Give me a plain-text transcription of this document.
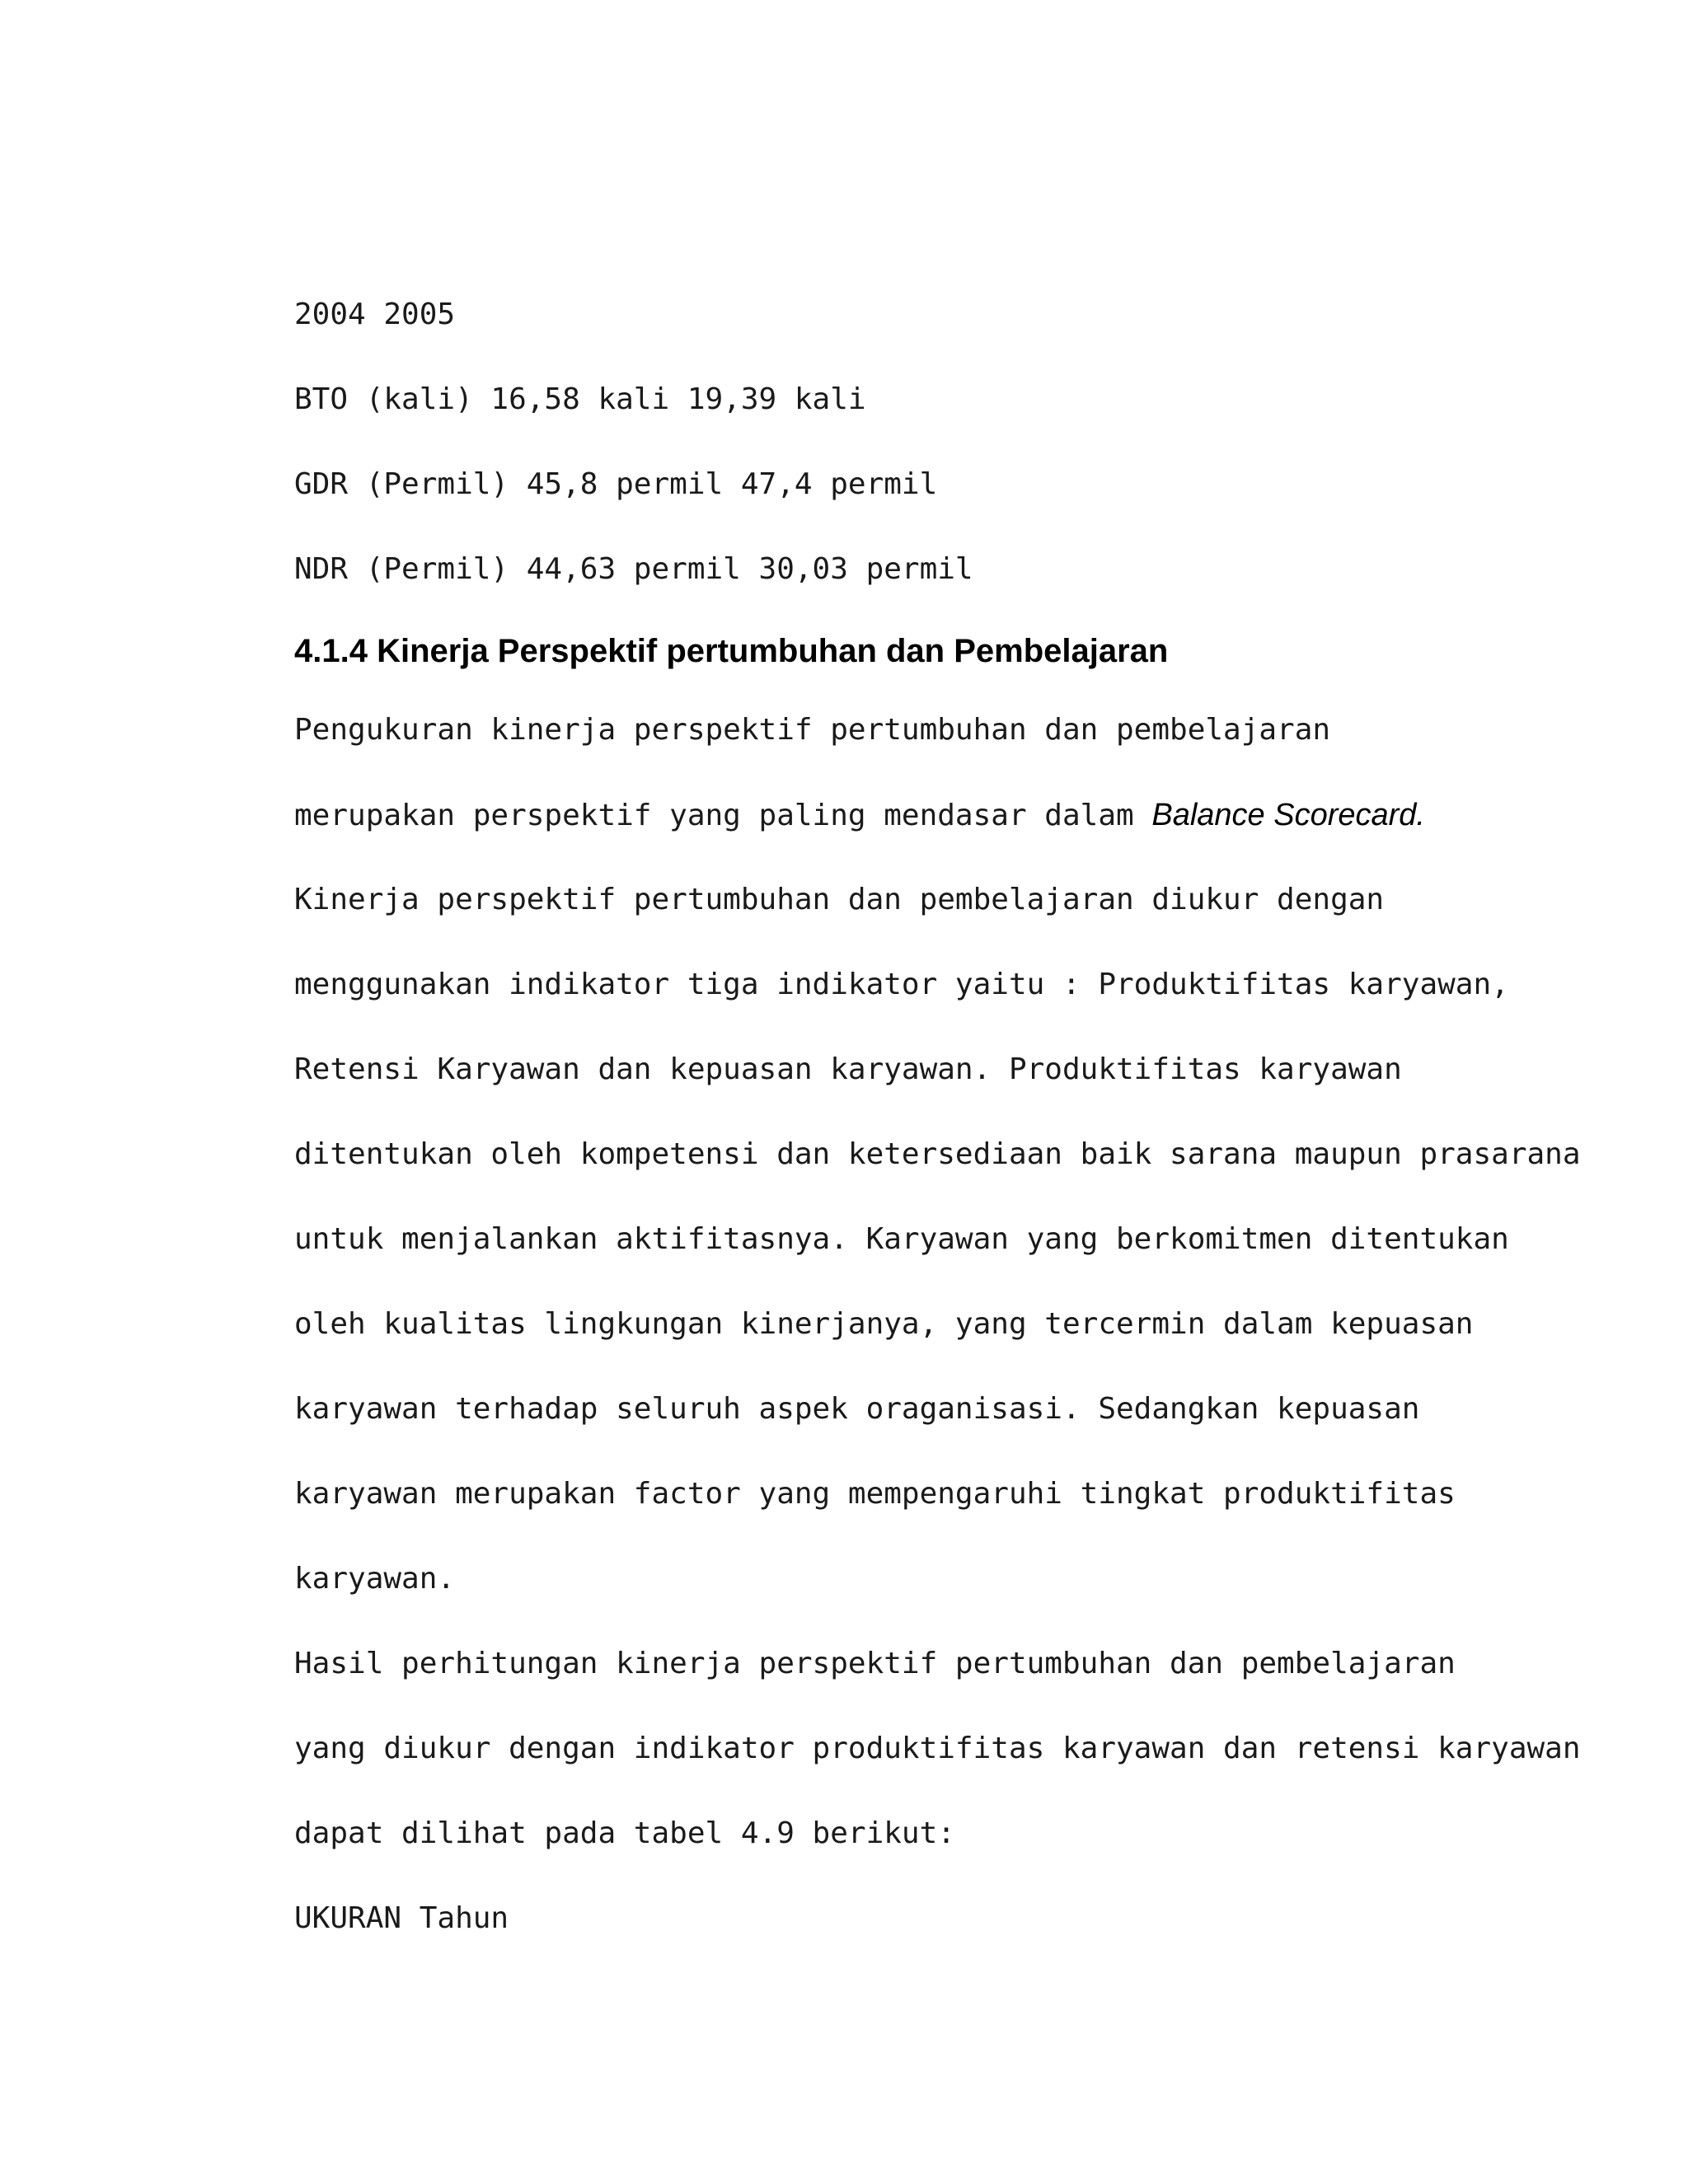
2004 2005

BTO (kali) 16,58 kali 19,39 kali

GDR (Permil) 45,8 permil 47,4 permil

NDR (Permil) 44,63 permil 30,03 permil

4.1.4 Kinerja Perspektif pertumbuhan dan Pembelajaran

Pengukuran kinerja perspektif pertumbuhan dan pembelajaran

merupakan perspektif yang paling mendasar dalam Balance Scorecard.

Kinerja perspektif pertumbuhan dan pembelajaran diukur dengan

menggunakan indikator tiga indikator yaitu : Produktifitas karyawan,

Retensi Karyawan dan kepuasan karyawan. Produktifitas karyawan

ditentukan oleh kompetensi dan ketersediaan baik sarana maupun prasarana

untuk menjalankan aktifitasnya. Karyawan yang berkomitmen ditentukan

oleh kualitas lingkungan kinerjanya, yang tercermin dalam kepuasan

karyawan terhadap seluruh aspek oraganisasi. Sedangkan kepuasan

karyawan merupakan factor yang mempengaruhi tingkat produktifitas

karyawan.

Hasil perhitungan kinerja perspektif pertumbuhan dan pembelajaran

yang diukur dengan indikator produktifitas karyawan dan retensi karyawan

dapat dilihat pada tabel 4.9 berikut:

UKURAN Tahun
